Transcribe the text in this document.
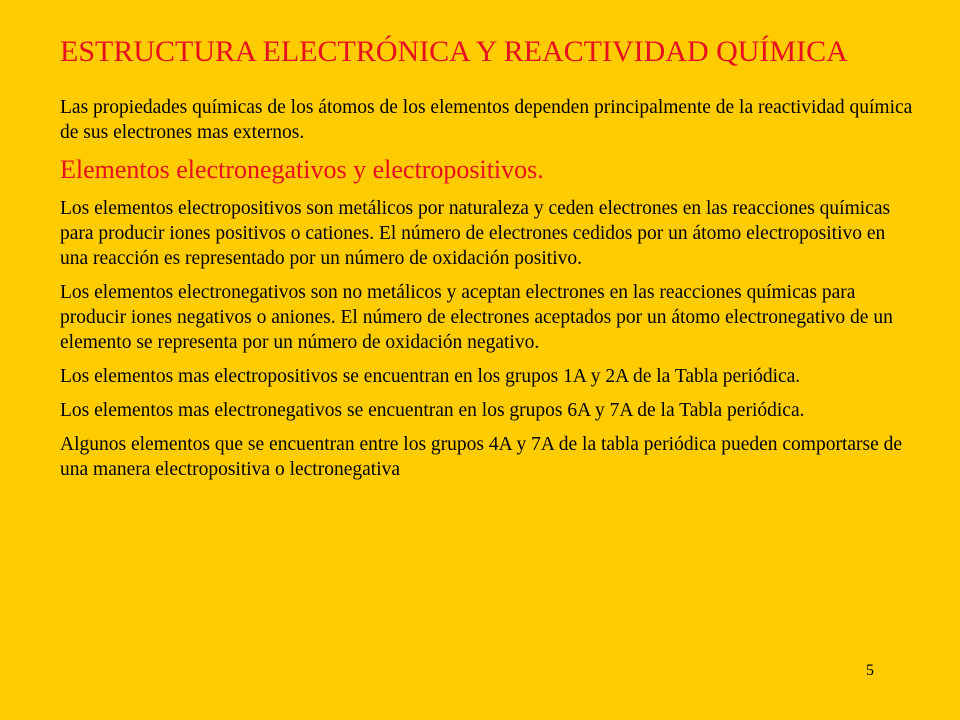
ESTRUCTURA ELECTRÓNICA Y REACTIVIDAD QUÍMICA

Las propiedades químicas de los átomos de los elementos dependen principalmente de la reactividad química de sus electrones mas externos.

Elementos electronegativos y electropositivos.

Los elementos electropositivos son metálicos por naturaleza y ceden electrones en las reacciones químicas para producir iones positivos o cationes. El número de electrones cedidos por un átomo electropositivo en una reacción es representado por un número de oxidación positivo.

Los elementos electronegativos son no metálicos y aceptan electrones en las reacciones químicas para producir iones negativos o aniones. El número de electrones aceptados por un átomo electronegativo de un elemento se representa por un número de oxidación negativo.

Los elementos mas electropositivos se encuentran en los grupos 1A y 2A de la Tabla periódica.

Los elementos mas electronegativos se encuentran en los grupos 6A y 7A de la Tabla periódica.

Algunos elementos que se encuentran entre los grupos 4A y 7A de la tabla periódica pueden comportarse de una manera electropositiva o lectronegativa

5
